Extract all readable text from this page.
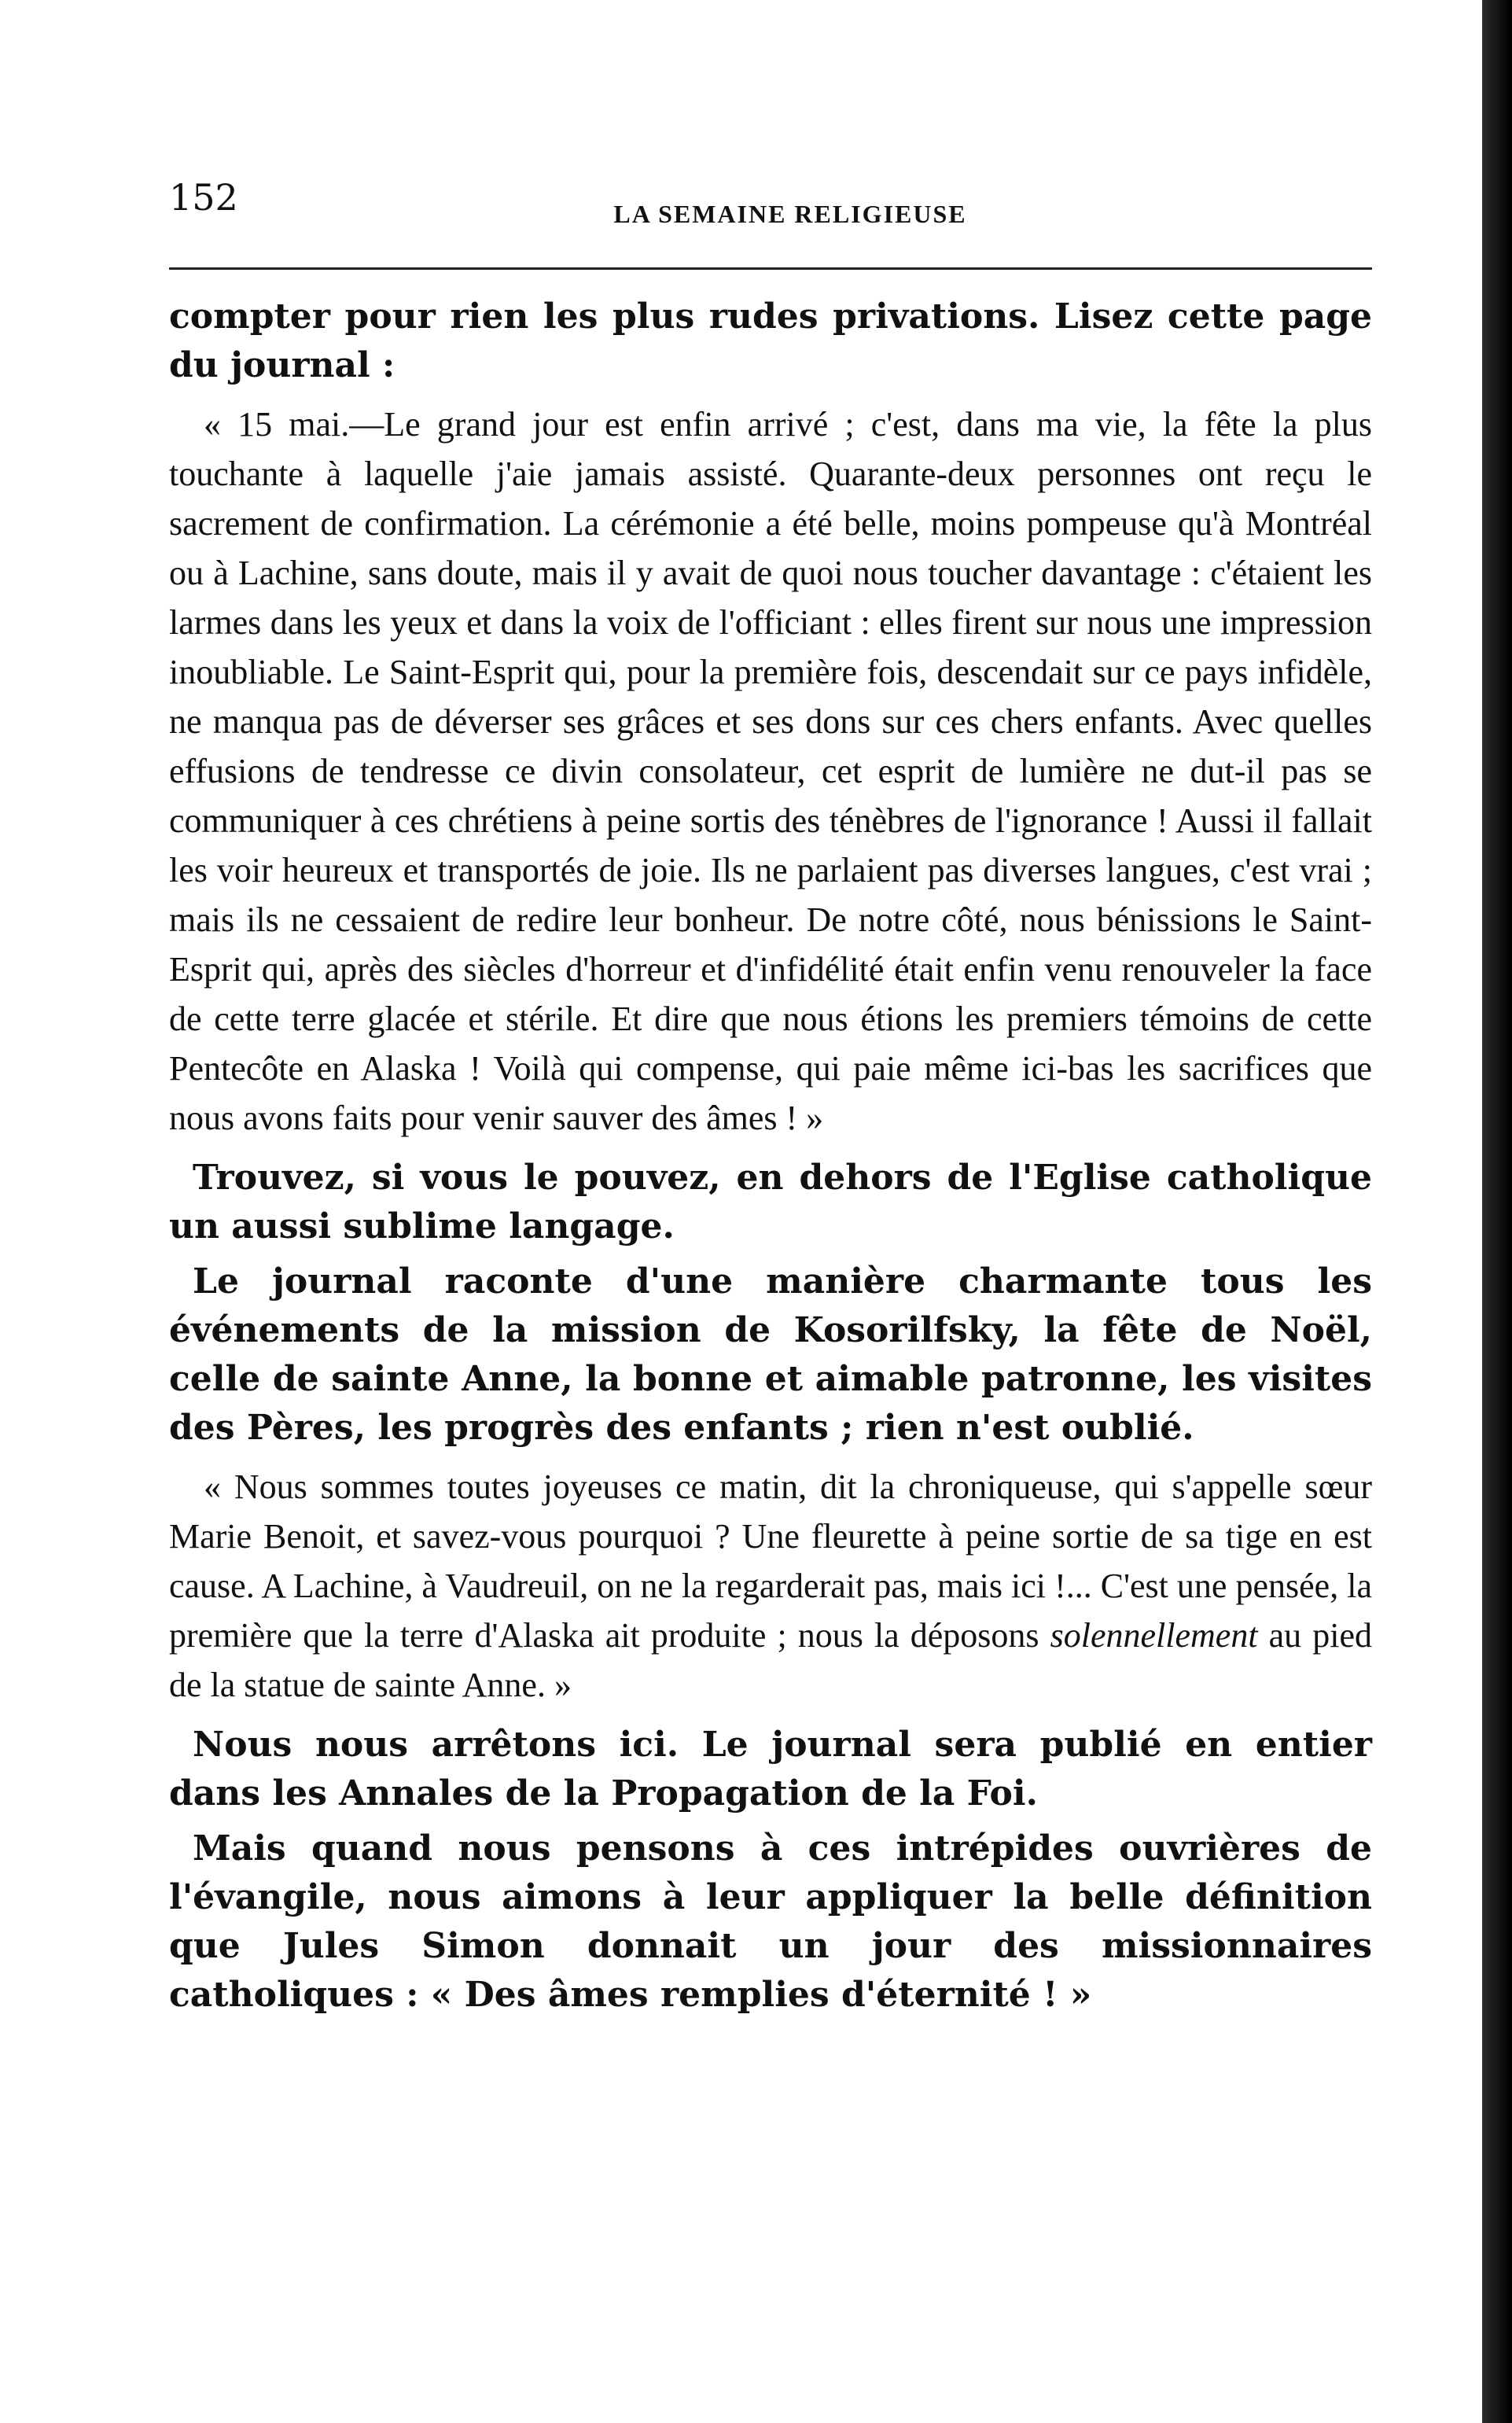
152	LA SEMAINE RELIGIEUSE

compter pour rien les plus rudes privations. Lisez cette page du journal :

« 15 mai.—Le grand jour est enfin arrivé ; c'est, dans ma vie, la fête la plus touchante à laquelle j'aie jamais assisté. Quarante-deux personnes ont reçu le sacrement de confirmation. La cérémonie a été belle, moins pompeuse qu'à Montréal ou à Lachine, sans doute, mais il y avait de quoi nous toucher davantage : c'étaient les larmes dans les yeux et dans la voix de l'officiant : elles firent sur nous une impression inoubliable. Le Saint-Esprit qui, pour la première fois, descendait sur ce pays infidèle, ne manqua pas de déverser ses grâces et ses dons sur ces chers enfants. Avec quelles effusions de tendresse ce divin consolateur, cet esprit de lumière ne dut-il pas se communiquer à ces chrétiens à peine sortis des ténèbres de l'ignorance ! Aussi il fallait les voir heureux et transportés de joie. Ils ne parlaient pas diverses langues, c'est vrai ; mais ils ne cessaient de redire leur bonheur. De notre côté, nous bénissions le Saint-Esprit qui, après des siècles d'horreur et d'infidélité était enfin venu renouveler la face de cette terre glacée et stérile. Et dire que nous étions les premiers témoins de cette Pentecôte en Alaska ! Voilà qui compense, qui paie même ici-bas les sacrifices que nous avons faits pour venir sauver des âmes ! »

Trouvez, si vous le pouvez, en dehors de l'Eglise catholique un aussi sublime langage.

Le journal raconte d'une manière charmante tous les événements de la mission de Kosorilfsky, la fête de Noël, celle de sainte Anne, la bonne et aimable patronne, les visites des Pères, les progrès des enfants ; rien n'est oublié.

« Nous sommes toutes joyeuses ce matin, dit la chroniqueuse, qui s'appelle sœur Marie Benoit, et savez-vous pourquoi ? Une fleurette à peine sortie de sa tige en est cause. A Lachine, à Vaudreuil, on ne la regarderait pas, mais ici !... C'est une pensée, la première que la terre d'Alaska ait produite ; nous la déposons solennellement au pied de la statue de sainte Anne. »

Nous nous arrêtons ici. Le journal sera publié en entier dans les Annales de la Propagation de la Foi.

Mais quand nous pensons à ces intrépides ouvrières de l'évangile, nous aimons à leur appliquer la belle définition que Jules Simon donnait un jour des missionnaires catholiques : « Des âmes remplies d'éternité ! »
